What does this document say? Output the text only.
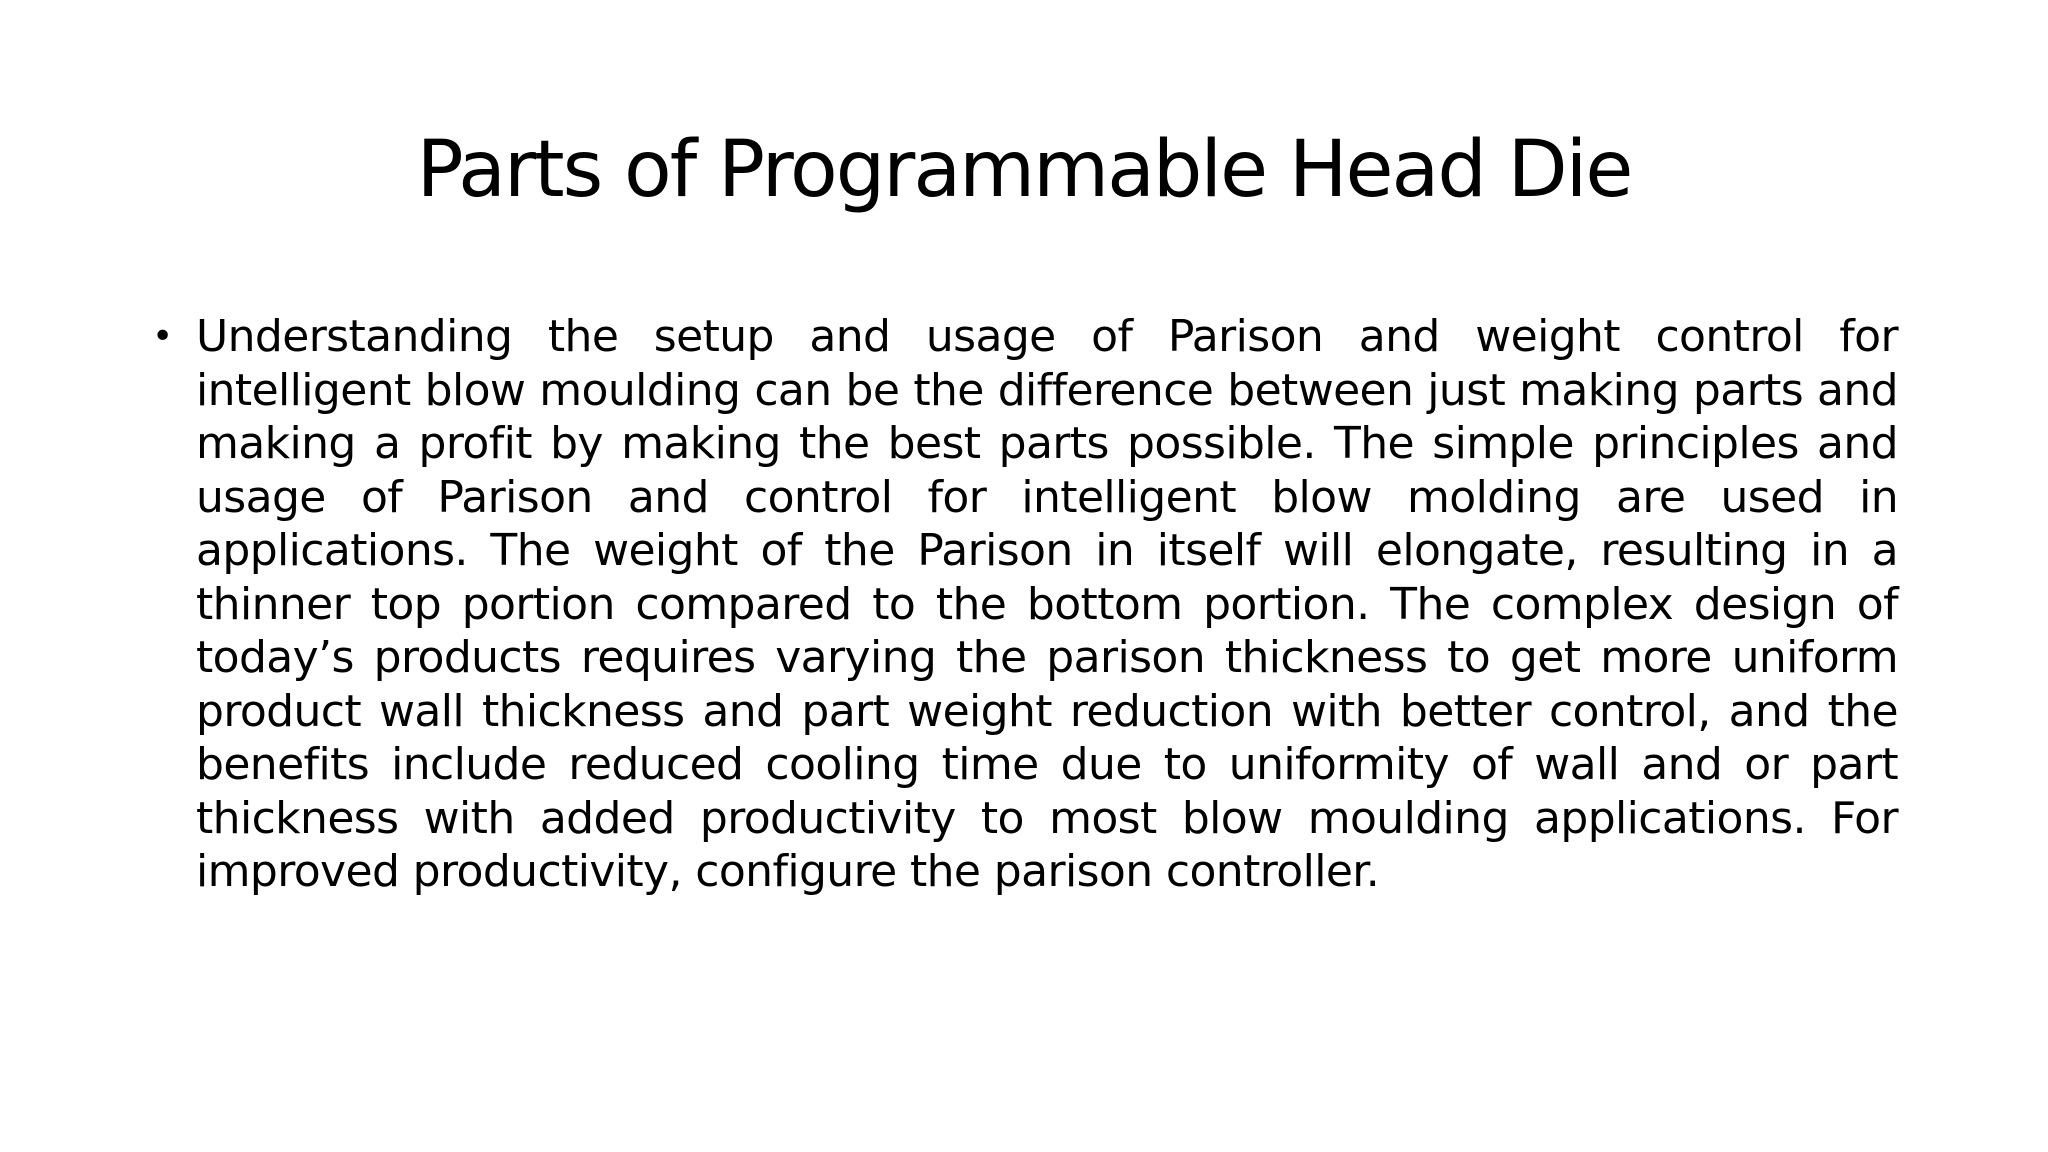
Parts of Programmable Head Die
• Understanding the setup and usage of Parison and weight control for intelligent blow moulding can be the difference between just making parts and making a profit by making the best parts possible. The simple principles and usage of Parison and control for intelligent blow molding are used in applications. The weight of the Parison in itself will elongate, resulting in a thinner top portion compared to the bottom portion. The complex design of today’s products requires varying the parison thickness to get more uniform product wall thickness and part weight reduction with better control, and the benefits include reduced cooling time due to uniformity of wall and or part thickness with added productivity to most blow moulding applications. For improved productivity, configure the parison controller.
